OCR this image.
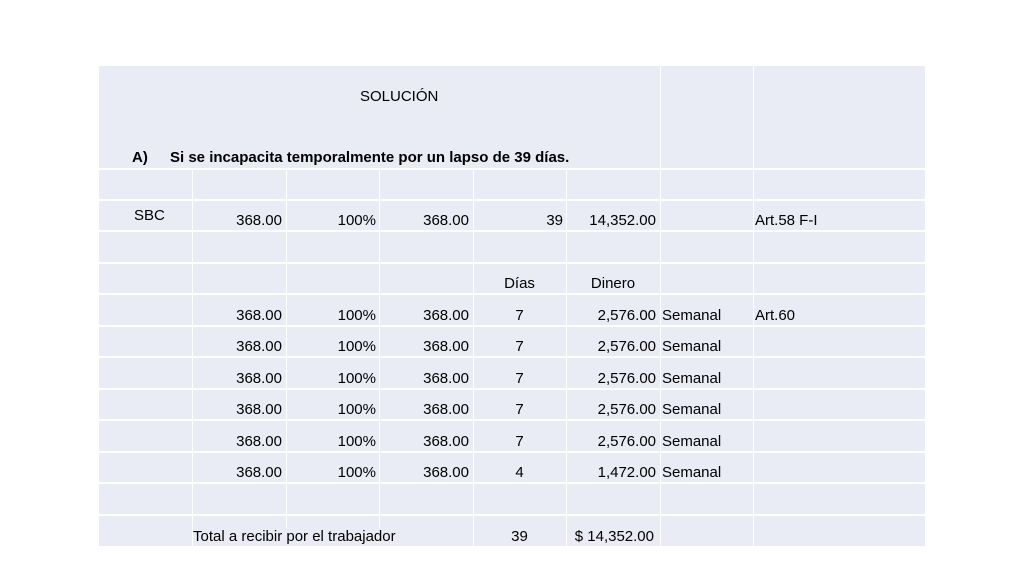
SOLUCIÓN
A) Si se incapacita temporalmente por un lapso de 39 días.
SBC	368.00	100%	368.00	39	14,352.00	Art.58 F-I
Días	Dinero
368.00	100%	368.00	7	2,576.00 Semanal Art.60
368.00	100%	368.00	7	2,576.00 Semanal
368.00	100%	368.00	7	2,576.00 Semanal
368.00	100%	368.00	7	2,576.00 Semanal
368.00	100%	368.00	7	2,576.00 Semanal
368.00	100%	368.00	4	1,472.00 Semanal
Total a recibir por el trabajador	39	$ 14,352.00
